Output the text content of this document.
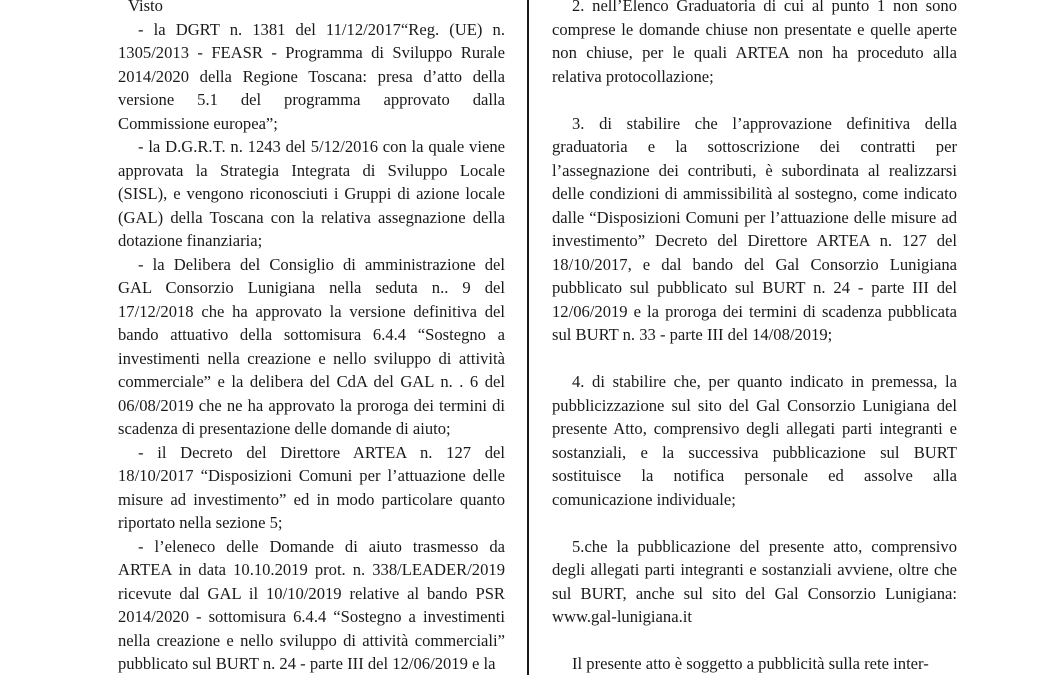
Visto

- la DGRT n. 1381 del 11/12/2017“Reg. (UE) n. 1305/2013 - FEASR - Programma di Sviluppo Rurale 2014/2020 della Regione Toscana: presa d’atto della versione 5.1 del programma approvato dalla Commissione europea”;

- la D.G.R.T. n. 1243 del 5/12/2016 con la quale viene approvata la Strategia Integrata di Sviluppo Locale (SISL), e vengono riconosciuti i Gruppi di azione locale (GAL) della Toscana con la relativa assegnazione della dotazione finanziaria;

- la Delibera del Consiglio di amministrazione del GAL Consorzio Lunigiana nella seduta n.. 9 del 17/12/2018 che ha approvato la versione definitiva del bando attuativo della sottomisura 6.4.4 “Sostegno a investimenti nella creazione e nello sviluppo di attività commerciale” e la delibera del CdA del GAL n. . 6 del 06/08/2019 che ne ha approvato la proroga dei termini di scadenza di presentazione delle domande di aiuto;

- il Decreto del Direttore ARTEA n. 127 del 18/10/2017 “Disposizioni Comuni per l’attuazione delle misure ad investimento” ed in modo particolare quanto riportato nella sezione 5;

- l’eleneco delle Domande di aiuto trasmesso da ARTEA in data 10.10.2019 prot. n. 338/LEADER/2019 ricevute dal GAL il 10/10/2019 relative al bando PSR 2014/2020 - sottomisura 6.4.4 “Sostegno a investimenti nella creazione e nello sviluppo di attività commerciali” pubblicato sul BURT n. 24 - parte III del 12/06/2019 e la

2. nell’Elenco Graduatoria di cui al punto 1 non sono comprese le domande chiuse non presentate e quelle aperte non chiuse, per le quali ARTEA non ha proceduto alla relativa protocollazione;

3. di stabilire che l’approvazione definitiva della graduatoria e la sottoscrizione dei contratti per l’assegnazione dei contributi, è subordinata al realizzarsi delle condizioni di ammissibilità al sostegno, come indicato dalle “Disposizioni Comuni per l’attuazione delle misure ad investimento” Decreto del Direttore ARTEA n. 127 del 18/10/2017, e dal bando del Gal Consorzio Lunigiana pubblicato sul pubblicato sul BURT n. 24 - parte III del 12/06/2019 e la proroga dei termini di scadenza pubblicata sul BURT n. 33 - parte III del 14/08/2019;

4. di stabilire che, per quanto indicato in premessa, la pubblicizzazione sul sito del Gal Consorzio Lunigiana del presente Atto, comprensivo degli allegati parti integranti e sostanziali, e la successiva pubblicazione sul BURT sostituisce la notifica personale ed assolve alla comunicazione individuale;

5.che la pubblicazione del presente atto, comprensivo degli allegati parti integranti e sostanziali avviene, oltre che sul BURT, anche sul sito del Gal Consorzio Lunigiana: www.gal-lunigiana.it

Il presente atto è soggetto a pubblicità sulla rete inter-
